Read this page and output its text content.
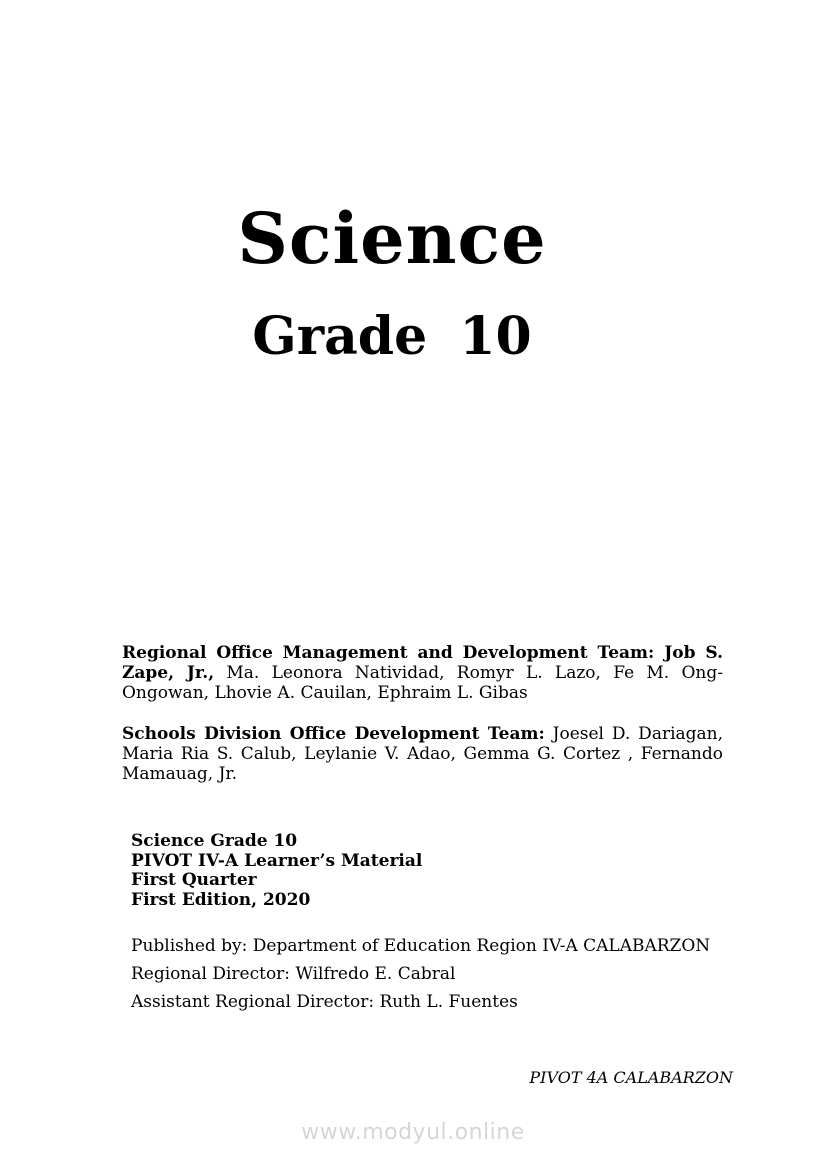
Science
Grade 10

Regional Office Management and Development Team: Job S. Zape, Jr., Ma. Leonora Natividad, Romyr L. Lazo, Fe M. Ong-Ongowan, Lhovie A. Cauilan, Ephraim L. Gibas

Schools Division Office Development Team: Joesel D. Dariagan, Maria Ria S. Calub, Leylanie V. Adao, Gemma G. Cortez , Fernando Mamauag, Jr.

Science Grade 10
PIVOT IV-A Learner’s Material
First Quarter
First Edition, 2020

Published by: Department of Education Region IV-A CALABARZON

Regional Director: Wilfredo E. Cabral

Assistant Regional Director: Ruth L. Fuentes

PIVOT 4A CALABARZON
www.modyul.online
